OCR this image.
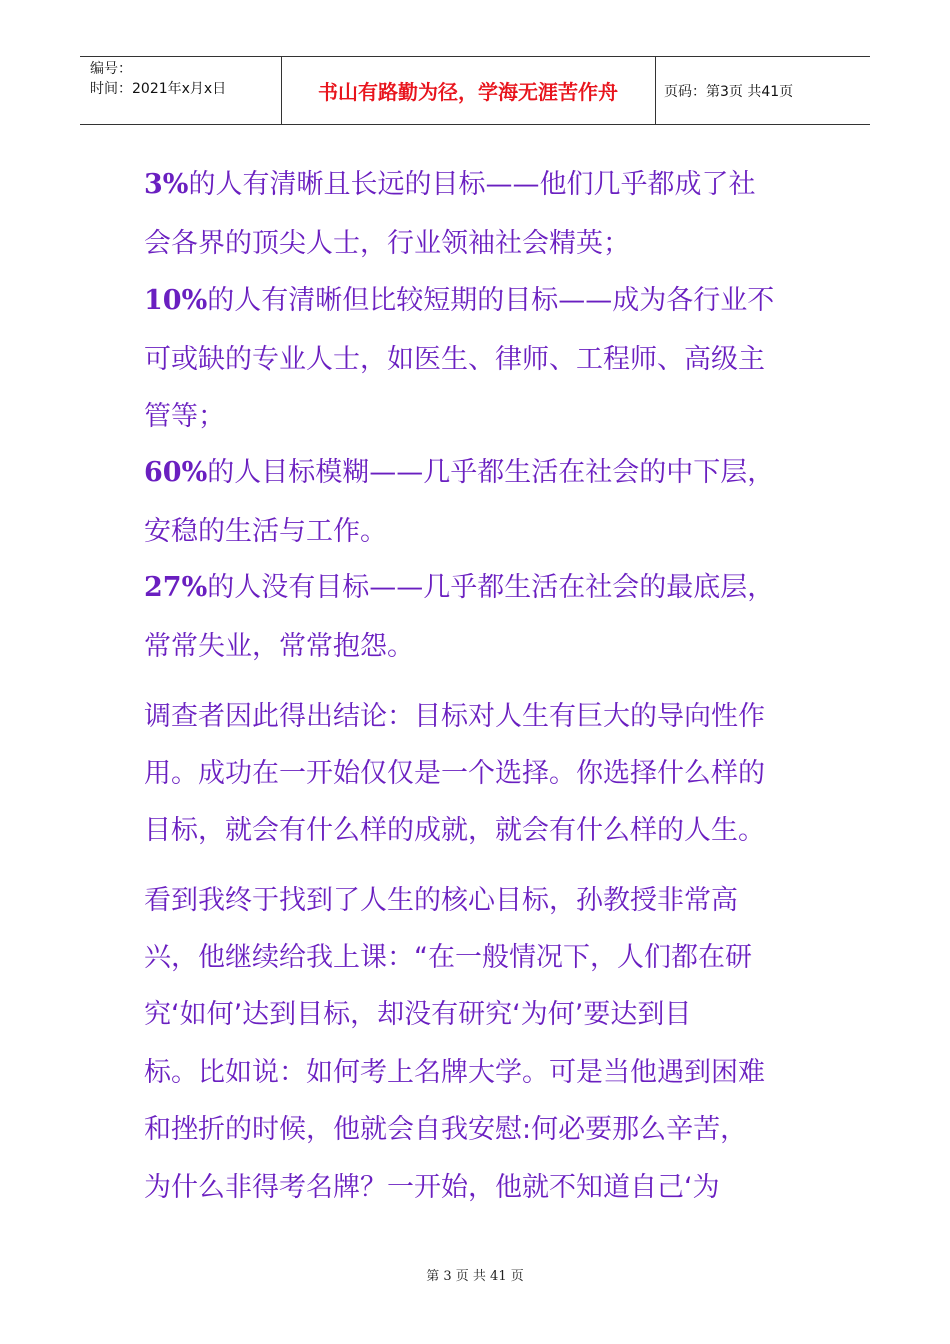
编号：
时间：2021年x月x日	书山有路勤为径，学海无涯苦作舟	页码：第3页 共41页
3%的人有清晰且长远的目标——他们几乎都成了社
会各界的顶尖人士，行业领袖社会精英；
10%的人有清晰但比较短期的目标——成为各行业不
可或缺的专业人士，如医生、律师、工程师、高级主
管等；
60%的人目标模糊——几乎都生活在社会的中下层，
安稳的生活与工作。
27%的人没有目标——几乎都生活在社会的最底层，
常常失业，常常抱怨。
调查者因此得出结论：目标对人生有巨大的导向性作
用。成功在一开始仅仅是一个选择。你选择什么样的
目标，就会有什么样的成就，就会有什么样的人生。
看到我终于找到了人生的核心目标，孙教授非常高
兴，他继续给我上课：“在一般情况下，人们都在研
究‘如何’达到目标，却没有研究‘为何’要达到目
标。比如说：如何考上名牌大学。可是当他遇到困难
和挫折的时候，他就会自我安慰:何必要那么辛苦，
为什么非得考名牌？一开始，他就不知道自己‘为
第 3 页 共 41 页
